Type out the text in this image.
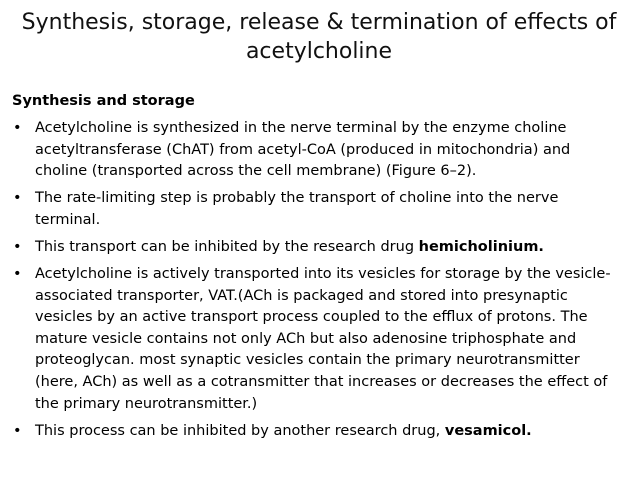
Synthesis, storage, release & termination of effects of acetylcholine
Synthesis and storage
• Acetylcholine is synthesized in the nerve terminal by the enzyme choline acetyltransferase (ChAT) from acetyl-CoA (produced in mitochondria) and choline (transported across the cell membrane) (Figure 6–2).
• The rate-limiting step is probably the transport of choline into the nerve terminal.
• This transport can be inhibited by the research drug hemicholinium.
• Acetylcholine is actively transported into its vesicles for storage by the vesicle-associated transporter, VAT.(ACh is packaged and stored into presynaptic vesicles by an active transport process coupled to the efflux of protons. The mature vesicle contains not only ACh but also adenosine triphosphate and proteoglycan. most synaptic vesicles contain the primary neurotransmitter (here, ACh) as well as a cotransmitter that increases or decreases the effect of the primary neurotransmitter.)
• This process can be inhibited by another research drug, vesamicol.
